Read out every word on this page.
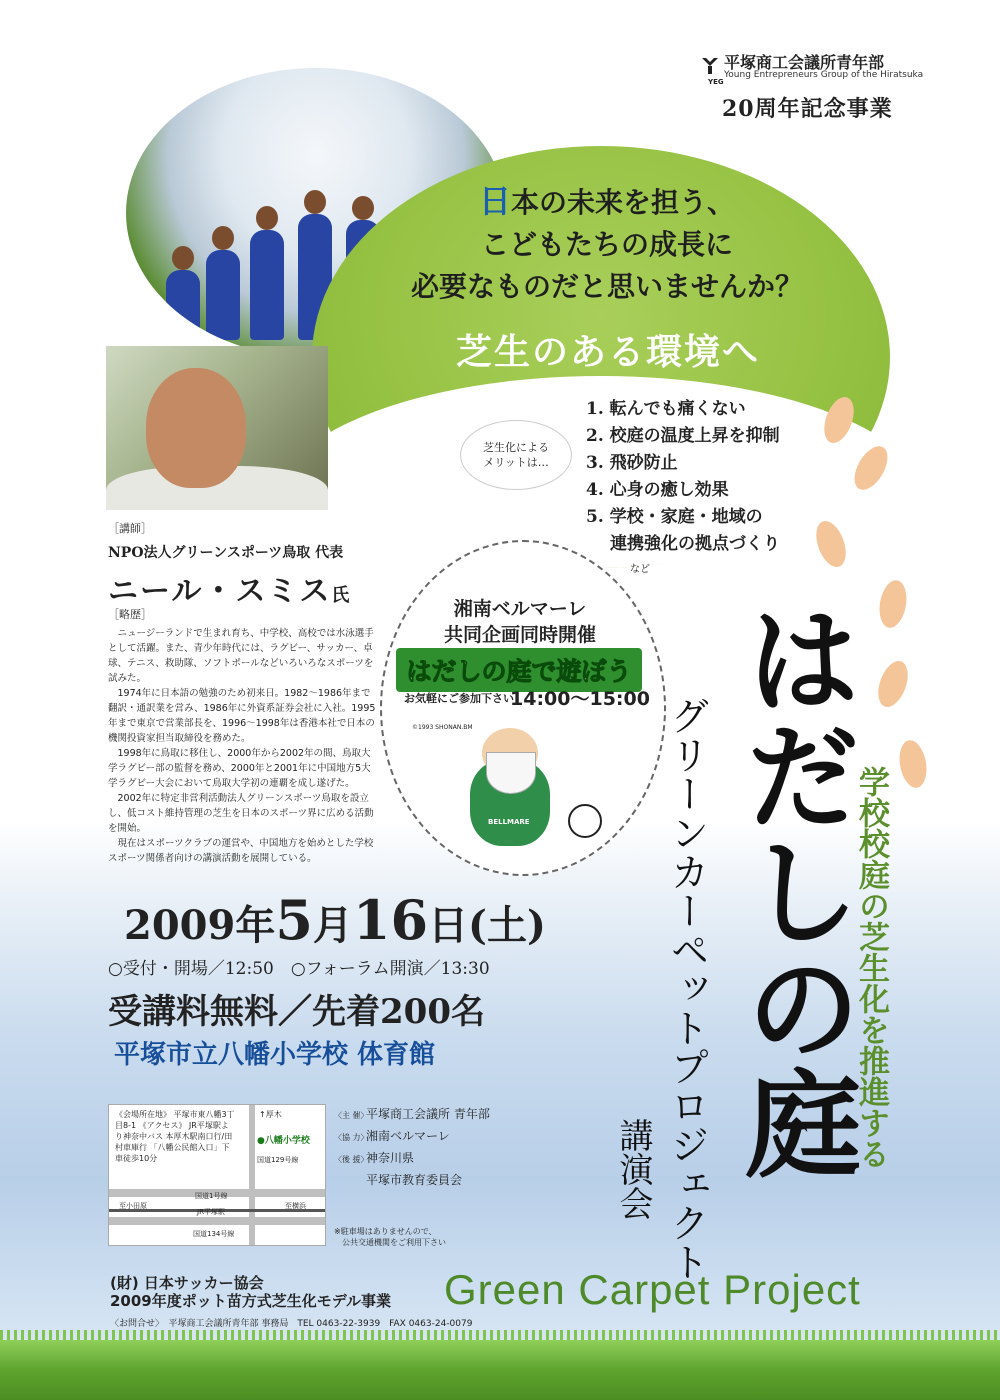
YEG
平塚商工会議所青年部
Young Entrepreneurs Group of the Hiratsuka
20周年記念事業
日本の未来を担う、
こどもたちの成長に
必要なものだと思いませんか？
芝生のある環境へ
芝生化による
メリットは…
1. 転んでも痛くない
2. 校庭の温度上昇を抑制
3. 飛砂防止
4. 心身の癒し効果
5. 学校・家庭・地域の
連携強化の拠点づくり
など
［講師］
NPO法人グリーンスポーツ鳥取 代表
ニール・スミス氏
［略歴］

ニュージーランドで生まれ育ち、中学校、高校では水泳選手として活躍。また、青少年時代には、ラグビー、サッカー、卓球、テニス、救助隊、ソフトボールなどいろいろなスポーツを試みた。

1974年に日本語の勉強のため初来日。1982〜1986年まで翻訳・通訳業を営み、1986年に外資系証券会社に入社。1995年まで東京で営業部長を、1996〜1998年は香港本社で日本の機関投資家担当取締役を務めた。

1998年に鳥取に移住し、2000年から2002年の間、鳥取大学ラグビー部の監督を務め、2000年と2001年に中国地方5大学ラグビー大会において鳥取大学初の連覇を成し遂げた。

2002年に特定非営利活動法人グリーンスポーツ鳥取を設立し、低コスト維持管理の芝生を日本のスポーツ界に広める活動を開始。

現在はスポーツクラブの運営や、中国地方を始めとした学校スポーツ関係者向けの講演活動を展開している。

湘南ベルマーレ
共同企画同時開催
はだしの庭で遊ぼう
お気軽にご参加下さい!
14:00〜15:00
©1993 SHONAN.BM
BELLMARE はだしの庭
グリーンカーペットプロジェクト
講演会	学校校庭の芝生化を推進する
2009年5月16日(土)
○受付・開場／12:50　○フォーラム開演／13:30
受講料無料／先着200名
平塚市立八幡小学校 体育館
《会場所在地》 平塚市東八幡3丁目8-1 《アクセス》 JR平塚駅より神奈中バス 本厚木駅南口行/田村車庫行 「八幡公民館入口」下車徒歩10分
↑厚木
●八幡小学校
国道129号線
国道1号線
至小田原	至横浜
JR平塚駅
国道134号線
〈主 催〉平塚商工会議所 青年部
〈協 力〉湘南ベルマーレ
〈後 援〉神奈川県
平塚市教育委員会
※駐車場はありませんので、
公共交通機関をご利用下さい
(財) 日本サッカー協会
2009年度ポット苗方式芝生化モデル事業 Green Carpet Project
〈お問合せ〉　平塚商工会議所青年部 事務局　TEL 0463-22-3939　FAX 0463-24-0079
